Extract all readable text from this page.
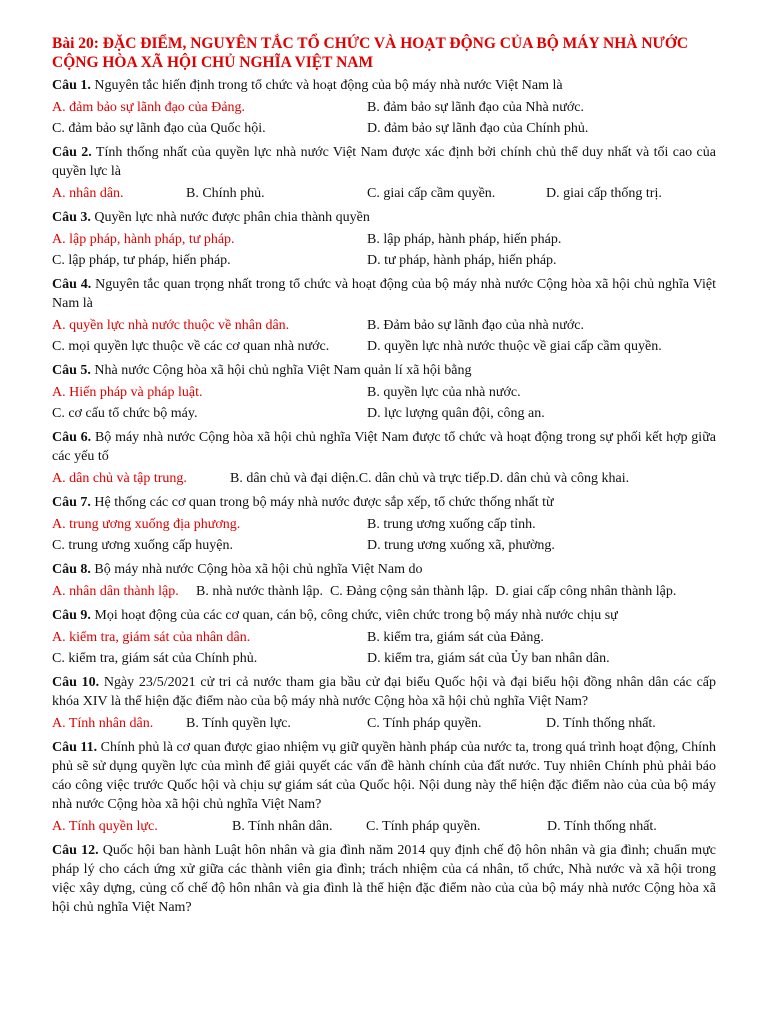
Bài 20: ĐẶC ĐIỂM, NGUYÊN TẮC TỔ CHỨC VÀ HOẠT ĐỘNG CỦA BỘ MÁY NHÀ NƯỚC CỘNG HÒA XÃ HỘI CHỦ NGHĨA VIỆT NAM
Câu 1. Nguyên tắc hiến định trong tổ chức và hoạt động của bộ máy nhà nước Việt Nam là
A. đảm bảo sự lãnh đạo của Đảng.	B. đảm bảo sự lãnh đạo của Nhà nước.
C. đảm bảo sự lãnh đạo của Quốc hội.	D. đảm bảo sự lãnh đạo của Chính phủ.
Câu 2. Tính thống nhất của quyền lực nhà nước Việt Nam được xác định bởi chính chủ thể duy nhất và tối cao của quyền lực là
A. nhân dân.	B. Chính phủ.	C. giai cấp cầm quyền.	D. giai cấp thống trị.
Câu 3. Quyền lực nhà nước được phân chia thành quyền
A. lập pháp, hành pháp, tư pháp.	B. lập pháp, hành pháp, hiến pháp.
C. lập pháp, tư pháp, hiến pháp.	D. tư pháp, hành pháp, hiến pháp.
Câu 4. Nguyên tắc quan trọng nhất trong tổ chức và hoạt động của bộ máy nhà nước Cộng hòa xã hội chủ nghĩa Việt Nam là
A. quyền lực nhà nước thuộc về nhân dân.	B. Đảm bảo sự lãnh đạo của nhà nước.
C. mọi quyền lực thuộc về các cơ quan nhà nước.	D. quyền lực nhà nước thuộc về giai cấp cầm quyền.
Câu 5. Nhà nước Cộng hòa xã hội chủ nghĩa Việt Nam quản lí xã hội bằng
A. Hiến pháp và pháp luật.	B. quyền lực của nhà nước.
C. cơ cấu tổ chức bộ máy.	D. lực lượng quân đội, công an.
Câu 6. Bộ máy nhà nước Cộng hòa xã hội chủ nghĩa Việt Nam được tổ chức và hoạt động trong sự phối kết hợp giữa các yếu tố
A. dân chủ và tập trung.	B. dân chủ và đại diện. C. dân chủ và trực tiếp. D. dân chủ và công khai.
Câu 7. Hệ thống các cơ quan trong bộ máy nhà nước được sắp xếp, tổ chức thống nhất từ
A. trung ương xuống địa phương.	B. trung ương xuống cấp tỉnh.
C. trung ương xuống cấp huyện.	D. trung ương xuống xã, phường.
Câu 8. Bộ máy nhà nước Cộng hòa xã hội chủ nghĩa Việt Nam do
A. nhân dân thành lập.	B. nhà nước thành lập.
C. Đảng cộng sản thành lập.
D. giai cấp công nhân thành lập.
Câu 9. Mọi hoạt động của các cơ quan, cán bộ, công chức, viên chức trong bộ máy nhà nước chịu sự
A. kiểm tra, giám sát của nhân dân.	B. kiểm tra, giám sát của Đảng.
C. kiểm tra, giám sát của Chính phủ.	D. kiểm tra, giám sát của Ủy ban nhân dân.
Câu 10. Ngày 23/5/2021 cử tri cả nước tham gia bầu cử đại biểu Quốc hội và đại biểu hội đồng nhân dân các cấp khóa XIV là thể hiện đặc điểm nào của bộ máy nhà nước Cộng hòa xã hội chủ nghĩa Việt Nam?
A. Tính nhân dân.	B. Tính quyền lực.	C. Tính pháp quyền.	D. Tính thống nhất.
Câu 11. Chính phủ là cơ quan được giao nhiệm vụ giữ quyền hành pháp của nước ta, trong quá trình hoạt động, Chính phủ sẽ sử dụng quyền lực của mình để giải quyết các vấn đề hành chính của đất nước. Tuy nhiên Chính phủ phải báo cáo công việc trước Quốc hội và chịu sự giám sát của Quốc hội. Nội dung này thể hiện đặc điểm nào của của bộ máy nhà nước Cộng hòa xã hội chủ nghĩa Việt Nam?
A. Tính quyền lực.	B. Tính nhân dân.	C. Tính pháp quyền.	D. Tính thống nhất.
Câu 12. Quốc hội ban hành Luật hôn nhân và gia đình năm 2014 quy định chế độ hôn nhân và gia đình; chuẩn mực pháp lý cho cách ứng xử giữa các thành viên gia đình; trách nhiệm của cá nhân, tổ chức, Nhà nước và xã hội trong việc xây dựng, củng cố chế độ hôn nhân và gia đình là thể hiện đặc điểm nào của của bộ máy nhà nước Cộng hòa xã hội chủ nghĩa Việt Nam?
